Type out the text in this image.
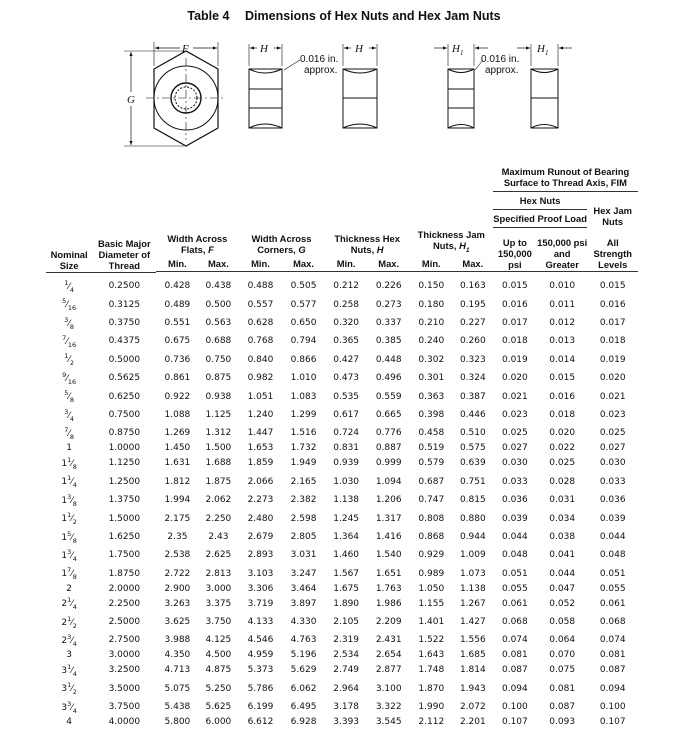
Table 4 Dimensions of Hex Nuts and Hex Jam Nuts
F
G
H	H	$H_1$	$H_1$
0.016 in.
approx.
0.016 in.
approx.
										Maximum Runout of Bearing Surface to Thread Axis, FIM		
										Hex Nuts		Hex Jam Nuts
										Specified Proof Load		
Nominal Size	Basic Major Diameter of Thread	Width Across Flats, F		Width Across Corners, G		Thickness Hex Nuts, H		Thickness Jam Nuts, $H_1$		Up to 150,000 psi	150,000 psi and Greater	All Strength Levels
		Min.	Max.	Min.	Max.	Min.	Max.	Min.	Max.			

$^1⁄_4$	0.2500	0.428	0.438	0.488	0.505	0.212	0.226	0.150	0.163	0.015	0.010	0.015
$^5⁄_{16}$	0.3125	0.489	0.500	0.557	0.577	0.258	0.273	0.180	0.195	0.016	0.011	0.016
$^3⁄_8$	0.3750	0.551	0.563	0.628	0.650	0.320	0.337	0.210	0.227	0.017	0.012	0.017
$^7⁄_{16}$	0.4375	0.675	0.688	0.768	0.794	0.365	0.385	0.240	0.260	0.018	0.013	0.018
$^1⁄_2$	0.5000	0.736	0.750	0.840	0.866	0.427	0.448	0.302	0.323	0.019	0.014	0.019
$^9⁄_{16}$	0.5625	0.861	0.875	0.982	1.010	0.473	0.496	0.301	0.324	0.020	0.015	0.020
$^5⁄_8$	0.6250	0.922	0.938	1.051	1.083	0.535	0.559	0.363	0.387	0.021	0.016	0.021
$^3⁄_4$	0.7500	1.088	1.125	1.240	1.299	0.617	0.665	0.398	0.446	0.023	0.018	0.023
$^7⁄_8$	0.8750	1.269	1.312	1.447	1.516	0.724	0.776	0.458	0.510	0.025	0.020	0.025
1	1.0000	1.450	1.500	1.653	1.732	0.831	0.887	0.519	0.575	0.027	0.022	0.027
$1^1⁄_8$	1.1250	1.631	1.688	1.859	1.949	0.939	0.999	0.579	0.639	0.030	0.025	0.030
$1^1⁄_4$	1.2500	1.812	1.875	2.066	2.165	1.030	1.094	0.687	0.751	0.033	0.028	0.033
$1^3⁄_8$	1.3750	1.994	2.062	2.273	2.382	1.138	1.206	0.747	0.815	0.036	0.031	0.036
$1^1⁄_2$	1.5000	2.175	2.250	2.480	2.598	1.245	1.317	0.808	0.880	0.039	0.034	0.039
$1^5⁄_8$	1.6250	2.35	2.43	2.679	2.805	1.364	1.416	0.868	0.944	0.044	0.038	0.044
$1^3⁄_4$	1.7500	2.538	2.625	2.893	3.031	1.460	1.540	0.929	1.009	0.048	0.041	0.048
$1^7⁄_8$	1.8750	2.722	2.813	3.103	3.247	1.567	1.651	0.989	1.073	0.051	0.044	0.051
2	2.0000	2.900	3.000	3.306	3.464	1.675	1.763	1.050	1.138	0.055	0.047	0.055
$2^1⁄_4$	2.2500	3.263	3.375	3.719	3.897	1.890	1.986	1.155	1.267	0.061	0.052	0.061
$2^1⁄_2$	2.5000	3.625	3.750	4.133	4.330	2.105	2.209	1.401	1.427	0.068	0.058	0.068
$2^3⁄_4$	2.7500	3.988	4.125	4.546	4.763	2.319	2.431	1.522	1.556	0.074	0.064	0.074
3	3.0000	4.350	4.500	4.959	5.196	2.534	2.654	1.643	1.685	0.081	0.070	0.081
$3^1⁄_4$	3.2500	4.713	4.875	5.373	5.629	2.749	2.877	1.748	1.814	0.087	0.075	0.087
$3^1⁄_2$	3.5000	5.075	5.250	5.786	6.062	2.964	3.100	1.870	1.943	0.094	0.081	0.094
$3^3⁄_4$	3.7500	5.438	5.625	6.199	6.495	3.178	3.322	1.990	2.072	0.100	0.087	0.100
4	4.0000	5.800	6.000	6.612	6.928	3.393	3.545	2.112	2.201	0.107	0.093	0.107
